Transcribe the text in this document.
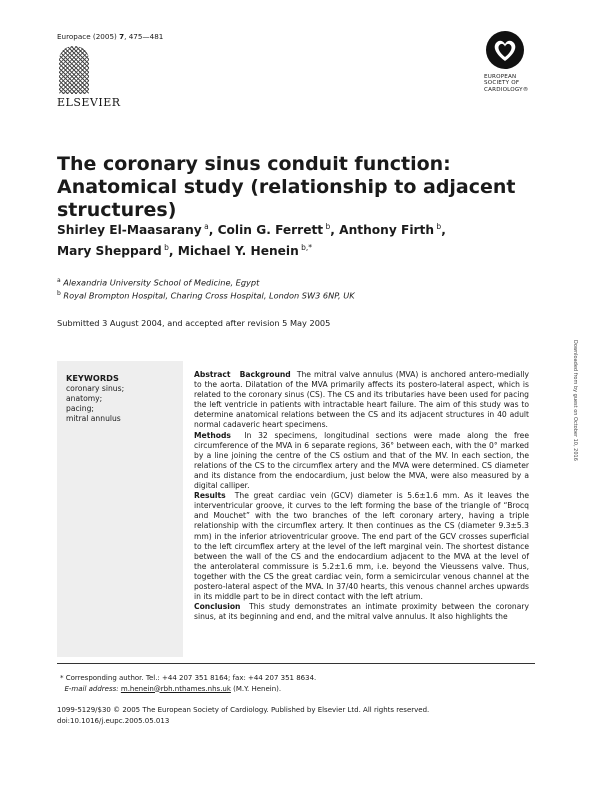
Europace (2005) 7, 475—481
ELSEVIER
EUROPEAN
SOCIETY OF
CARDIOLOGY®
The coronary sinus conduit function: Anatomical study (relationship to adjacent structures)
Shirley El-Maasarany $^a$, Colin G. Ferrett $^b$, Anthony Firth $^b$,
Mary Sheppard $^b$, Michael Y. Henein $^{b,*}$
$^a$ Alexandria University School of Medicine, Egypt
$^b$ Royal Brompton Hospital, Charing Cross Hospital, London SW3 6NP, UK
Submitted 3 August 2004, and accepted after revision 5 May 2005
Downloaded from by guest on October 10, 2016
KEYWORDS
coronary sinus;
anatomy;
pacing;
mitral annulus

Abstract Background The mitral valve annulus (MVA) is anchored antero-medially to the aorta. Dilatation of the MVA primarily affects its postero-lateral aspect, which is related to the coronary sinus (CS). The CS and its tributaries have been used for pacing the left ventricle in patients with intractable heart failure. The aim of this study was to determine anatomical relations between the CS and its adjacent structures in 40 adult normal cadaveric heart specimens.

Methods In 32 specimens, longitudinal sections were made along the free circumference of the MVA in 6 separate regions, 36° between each, with the 0° marked by a line joining the centre of the CS ostium and that of the MV. In each section, the relations of the CS to the circumflex artery and the MVA were determined. CS diameter and its distance from the endocardium, just below the MVA, were also measured by a digital calliper.

Results The great cardiac vein (GCV) diameter is 5.6±1.6 mm. As it leaves the interventricular groove, it curves to the left forming the base of the triangle of “Brocq and Mouchet” with the two branches of the left coronary artery, having a triple relationship with the circumflex artery. It then continues as the CS (diameter 9.3±5.3 mm) in the inferior atrioventricular groove. The end part of the GCV crosses superficial to the left circumflex artery at the level of the left marginal vein. The shortest distance between the wall of the CS and the endocardium adjacent to the MVA at the level of the anterolateral commissure is 5.2±1.6 mm, i.e. beyond the Vieussens valve. Thus, together with the CS the great cardiac vein, form a semicircular venous channel at the postero-lateral aspect of the MVA. In 37/40 hearts, this venous channel arches upwards in its middle part to be in direct contact with the left atrium.

Conclusion This study demonstrates an intimate proximity between the coronary sinus, at its beginning and end, and the mitral valve annulus. It also highlights the

* Corresponding author. Tel.: +44 207 351 8164; fax: +44 207 351 8634.
E-mail address: m.henein@rbh.nthames.nhs.uk (M.Y. Henein).
1099-5129/$30 © 2005 The European Society of Cardiology. Published by Elsevier Ltd. All rights reserved.
doi:10.1016/j.eupc.2005.05.013
